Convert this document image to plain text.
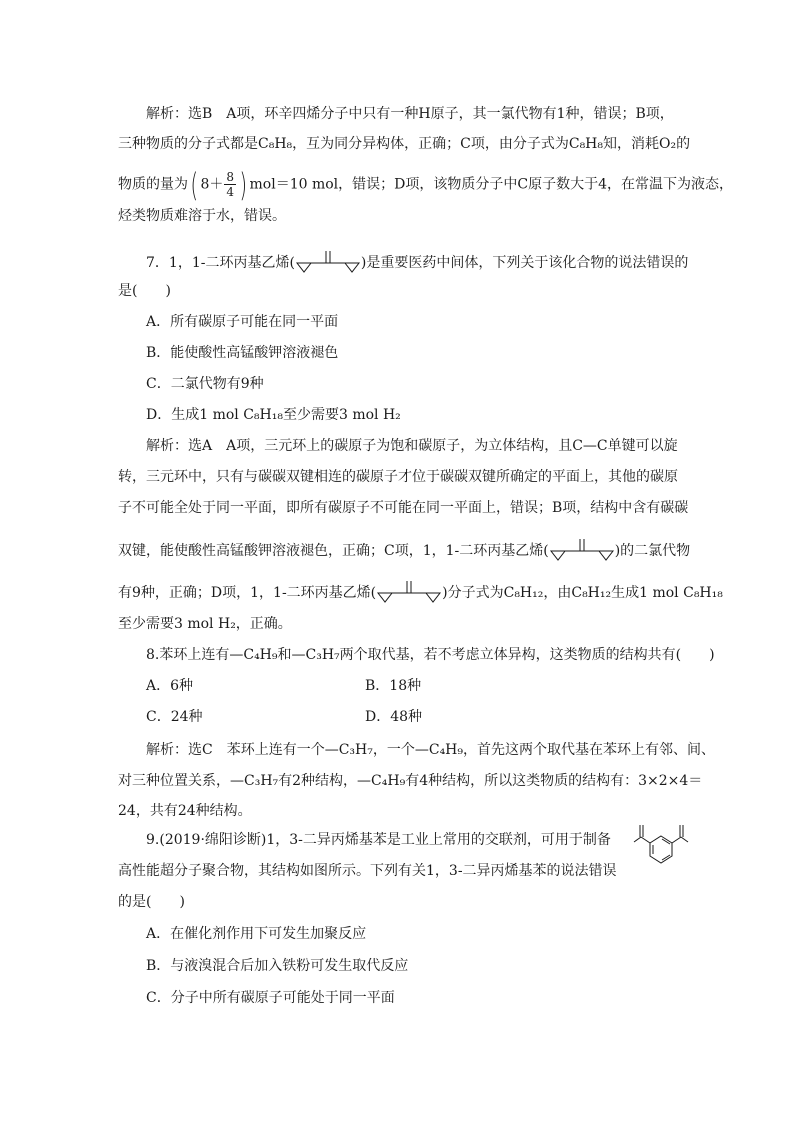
解析：选B　A项，环辛四烯分子中只有一种H原子，其一氯代物有1种，错误；B项，
三种物质的分子式都是C₈H₈，互为同分异构体，正确；C项，由分子式为C₈H₈知，消耗O₂的
物质的量为( $8+ \frac{8}{4}$ ) mol＝10 mol，错误；D项，该物质分子中C原子数大于4，在常温下为液态，
烃类物质难溶于水，错误。
7．1，1-二环丙基乙烯(	)是重要医药中间体，下列关于该化合物的说法错误的
是(　　)
A．所有碳原子可能在同一平面
B．能使酸性高锰酸钾溶液褪色
C．二氯代物有9种
D．生成1 mol C₈H₁₈至少需要3 mol H₂
解析：选A　A项，三元环上的碳原子为饱和碳原子，为立体结构，且C—C单键可以旋
转，三元环中，只有与碳碳双键相连的碳原子才位于碳碳双键所确定的平面上，其他的碳原
子不可能全处于同一平面，即所有碳原子不可能在同一平面上，错误；B项，结构中含有碳碳
双键，能使酸性高锰酸钾溶液褪色，正确；C项，1，1-二环丙基乙烯(	)的二氯代物
有9种，正确；D项，1，1-二环丙基乙烯(	)分子式为C₈H₁₂，由C₈H₁₂生成1 mol C₈H₁₈
至少需要3 mol H₂，正确。
8.苯环上连有—C₄H₉和—C₃H₇两个取代基，若不考虑立体异构，这类物质的结构共有(　　)
A．6种	B．18种
C．24种	D．48种
解析：选C　苯环上连有一个—C₃H₇，一个—C₄H₉，首先这两个取代基在苯环上有邻、间、
对三种位置关系，—C₃H₇有2种结构，—C₄H₉有4种结构，所以这类物质的结构有：3×2×4＝
24，共有24种结构。
9.(2019·绵阳诊断)1，3-二异丙烯基苯是工业上常用的交联剂，可用于制备
高性能超分子聚合物，其结构如图所示。下列有关1，3-二异丙烯基苯的说法错误
的是(　　)
A．在催化剂作用下可发生加聚反应
B．与液溴混合后加入铁粉可发生取代反应
C．分子中所有碳原子可能处于同一平面
